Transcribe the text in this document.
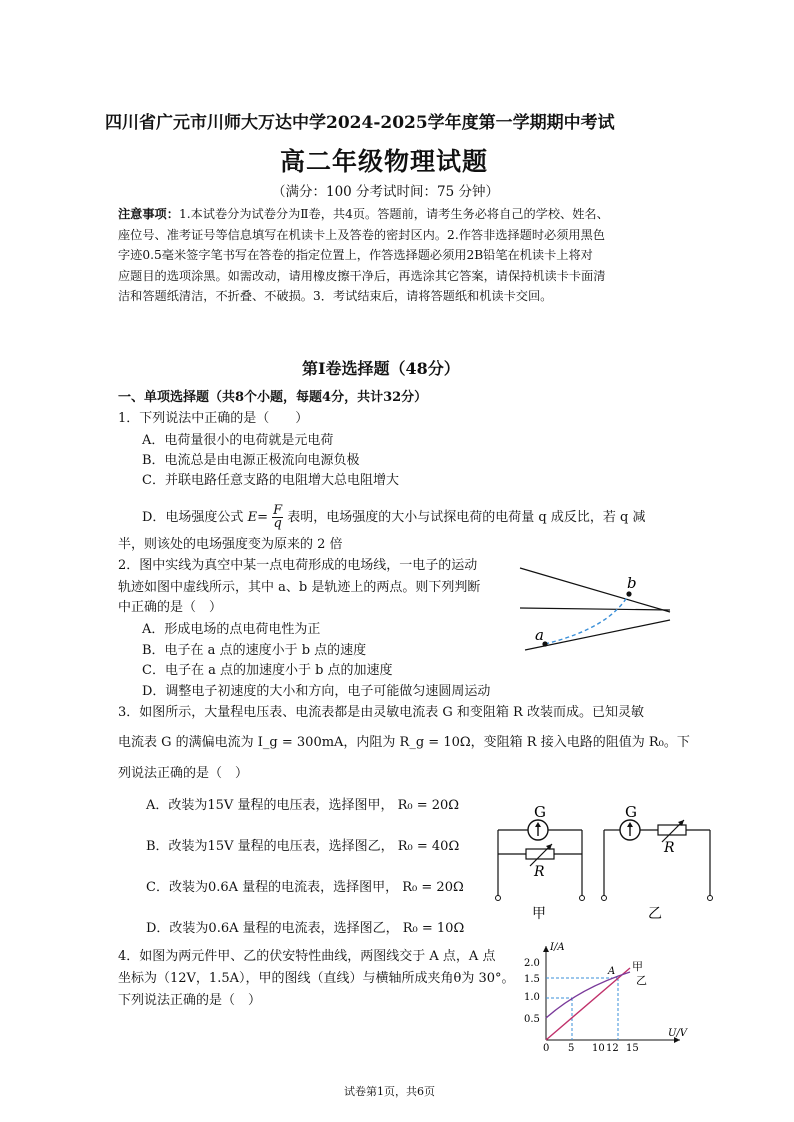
四川省广元市川师大万达中学2024-2025学年度第一学期期中考试
高二年级物理试题
（满分：100 分考试时间：75 分钟）
注意事项：1.本试卷分为试卷分为Ⅱ卷，共4页。答题前，请考生务必将自己的学校、姓名、
座位号、准考证号等信息填写在机读卡上及答卷的密封区内。2.作答非选择题时必须用黑色
字迹0.5毫米签字笔书写在答卷的指定位置上，作答选择题必须用2B铅笔在机读卡上将对
应题目的选项涂黑。如需改动，请用橡皮擦干净后，再选涂其它答案，请保持机读卡卡面清
洁和答题纸清洁，不折叠、不破损。3．考试结束后，请将答题纸和机读卡交回。
第Ⅰ卷选择题（48分）
一、单项选择题（共8个小题，每题4分，共计32分）
1．下列说法中正确的是（　　）
A．电荷量很小的电荷就是元电荷
B．电流总是由电源正极流向电源负极
C．并联电路任意支路的电阻增大总电阻增大
D．电场强度公式 $E= \frac{F}{q}$ 表明，电场强度的大小与试探电荷的电荷量 q 成反比，若 q 减
半，则该处的电场强度变为原来的 2 倍
2．图中实线为真空中某一点电荷形成的电场线，一电子的运动
轨迹如图中虚线所示，其中 a、b 是轨迹上的两点。则下列判断
中正确的是（　）
A．形成电场的点电荷电性为正
B．电子在 a 点的速度小于 b 点的速度
C．电子在 a 点的加速度小于 b 点的加速度
D．调整电子初速度的大小和方向，电子可能做匀速圆周运动
a
b
3．如图所示，大量程电压表、电流表都是由灵敏电流表 G 和变阻箱 R 改装而成。已知灵敏
电流表 G 的满偏电流为 I_g = 300mA，内阻为 R_g = 10Ω，变阻箱 R 接入电路的阻值为 R₀。下
列说法正确的是（　）
A．改装为15V 量程的电压表，选择图甲， R₀ = 20Ω
B．改装为15V 量程的电压表，选择图乙， R₀ = 40Ω
C．改装为0.6A 量程的电流表，选择图甲， R₀ = 20Ω
D．改装为0.6A 量程的电流表，选择图乙， R₀ = 10Ω
G
R
甲
G
R
乙
4．如图为两元件甲、乙的伏安特性曲线，两图线交于 A 点，A 点
坐标为（12V，1.5A），甲的图线（直线）与横轴所成夹角θ为 30°。
下列说法正确的是（　）
I/A
U/V
2.0
1.5
1.0
0.5
0 5 10 12 15
A 甲
乙
试卷第1页，共6页
